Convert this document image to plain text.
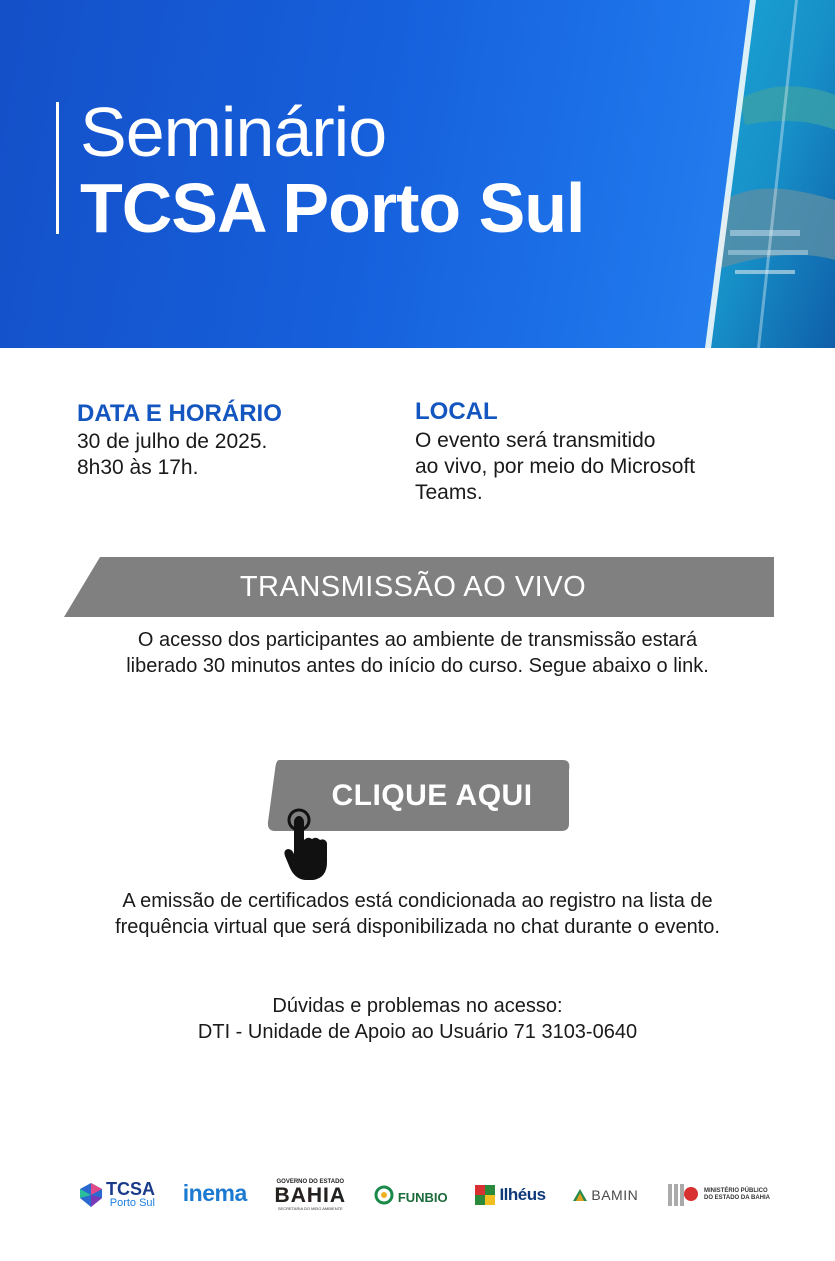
Seminário
TCSA Porto Sul
DATA E HORÁRIO
30 de julho de 2025.
8h30 às 17h.
LOCAL
O evento será transmitido
ao vivo, por meio do Microsoft
Teams.
TRANSMISSÃO AO VIVO
O acesso dos participantes ao ambiente de transmissão estará
liberado 30 minutos antes do início do curso. Segue abaixo o link.
CLIQUE AQUI
A emissão de certificados está condicionada ao registro na lista de
frequência virtual que será disponibilizada no chat durante o evento.
Dúvidas e problemas no acesso:
DTI - Unidade de Apoio ao Usuário 71 3103-0640
TCSA
Porto Sul inema
	GOVERNO DO ESTADO
BAHIA
SECRETARIA DO MEIO AMBIENTE

FUNBIO	Ilhéus	BAMIN	MINISTÉRIO PÚBLICO
DO ESTADO DA BAHIA
